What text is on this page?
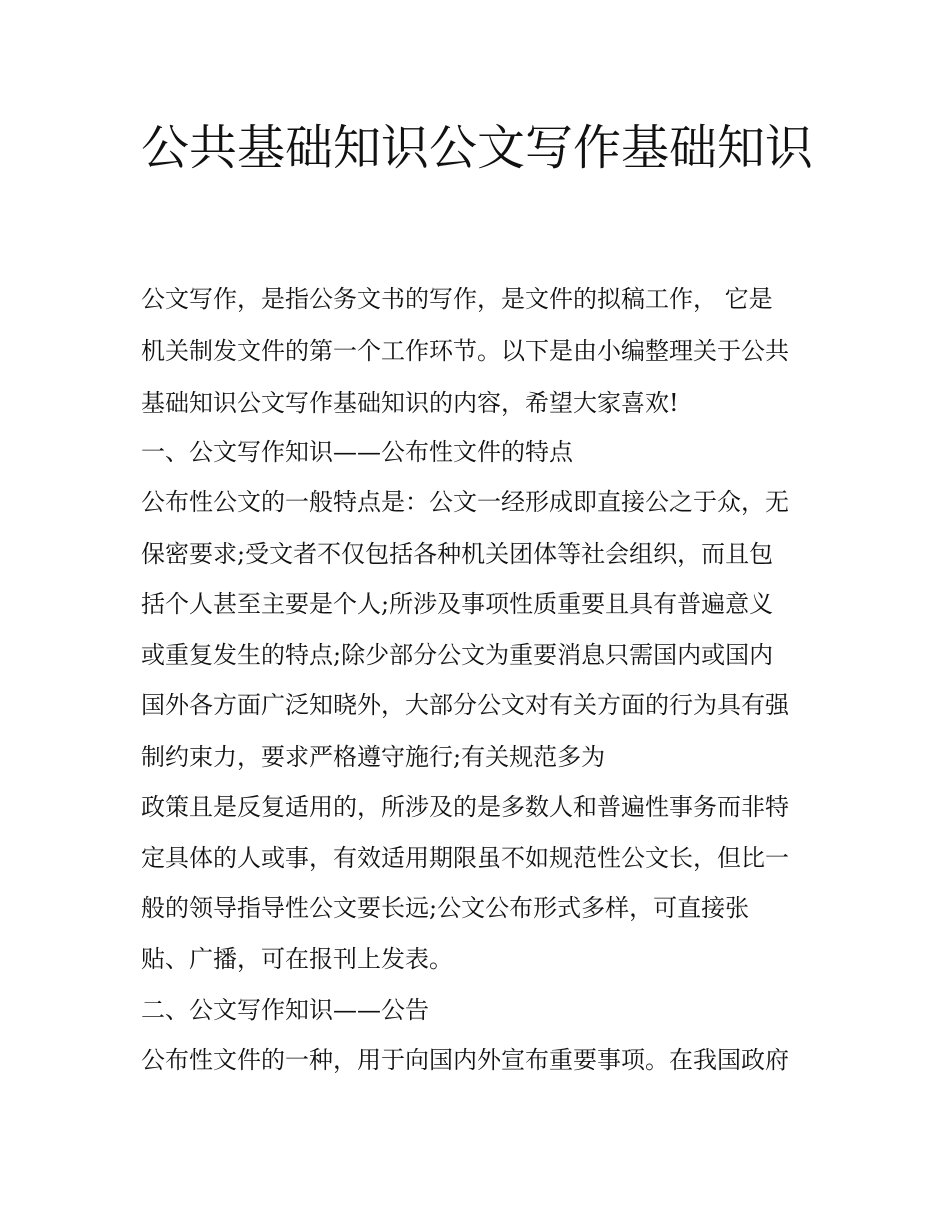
公共基础知识公文写作基础知识

公文写作，是指公务文书的写作，是文件的拟稿工作， 它是

机关制发文件的第一个工作环节。以下是由小编整理关于公共

基础知识公文写作基础知识的内容，希望大家喜欢!

一、公文写作知识——公布性文件的特点

公布性公文的一般特点是：公文一经形成即直接公之于众，无

保密要求;受文者不仅包括各种机关团体等社会组织，而且包

括个人甚至主要是个人;所涉及事项性质重要且具有普遍意义

或重复发生的特点;除少部分公文为重要消息只需国内或国内

国外各方面广泛知晓外，大部分公文对有关方面的行为具有强

制约束力，要求严格遵守施行;有关规范多为

政策且是反复适用的，所涉及的是多数人和普遍性事务而非特

定具体的人或事，有效适用期限虽不如规范性公文长，但比一

般的领导指导性公文要长远;公文公布形式多样，可直接张

贴、广播，可在报刊上发表。

二、公文写作知识——公告

公布性文件的一种，用于向国内外宣布重要事项。在我国政府
